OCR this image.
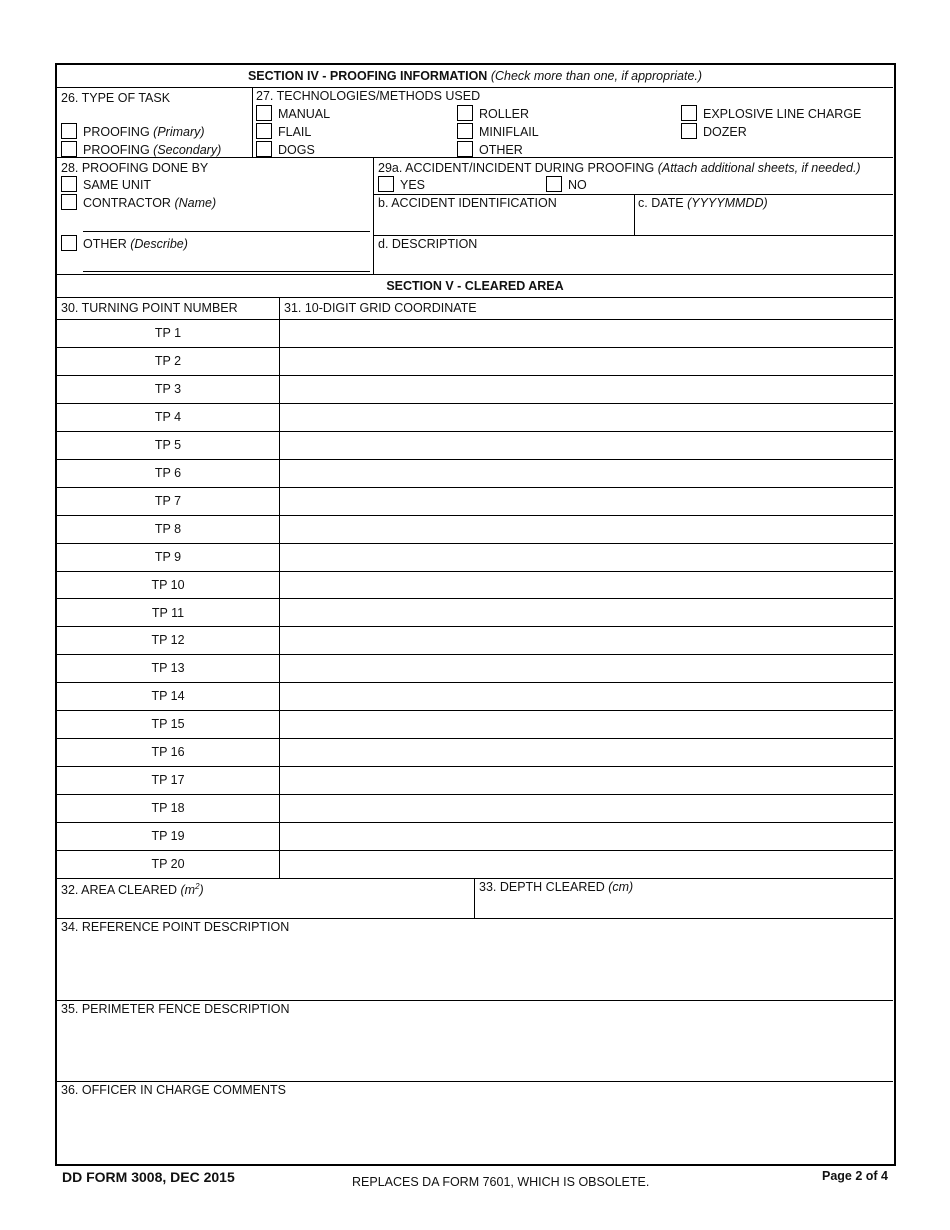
SECTION IV - PROOFING INFORMATION (Check more than one, if appropriate.)
26. TYPE OF TASK
PROOFING (Primary)
PROOFING (Secondary)
27. TECHNOLOGIES/METHODS USED
MANUAL
FLAIL
DOGS
ROLLER
MINIFLAIL
OTHER
EXPLOSIVE LINE CHARGE
DOZER
28. PROOFING DONE BY
SAME UNIT
CONTRACTOR (Name)
OTHER (Describe)
29a. ACCIDENT/INCIDENT DURING PROOFING (Attach additional sheets, if needed.)
YES	NO
b. ACCIDENT IDENTIFICATION	c. DATE (YYYYMMDD)
d. DESCRIPTION
SECTION V - CLEARED AREA
30. TURNING POINT NUMBER	31. 10-DIGIT GRID COORDINATE
TP 1
TP 2
TP 3
TP 4
TP 5
TP 6
TP 7
TP 8
TP 9
TP 10
TP 11
TP 12
TP 13
TP 14
TP 15
TP 16
TP 17
TP 18
TP 19
TP 20
32. AREA CLEARED $(m^2)$	33. DEPTH CLEARED (cm)
34. REFERENCE POINT DESCRIPTION
35. PERIMETER FENCE DESCRIPTION
36. OFFICER IN CHARGE COMMENTS
DD FORM 3008, DEC 2015	REPLACES DA FORM 7601, WHICH IS OBSOLETE.	Page 2 of 4
